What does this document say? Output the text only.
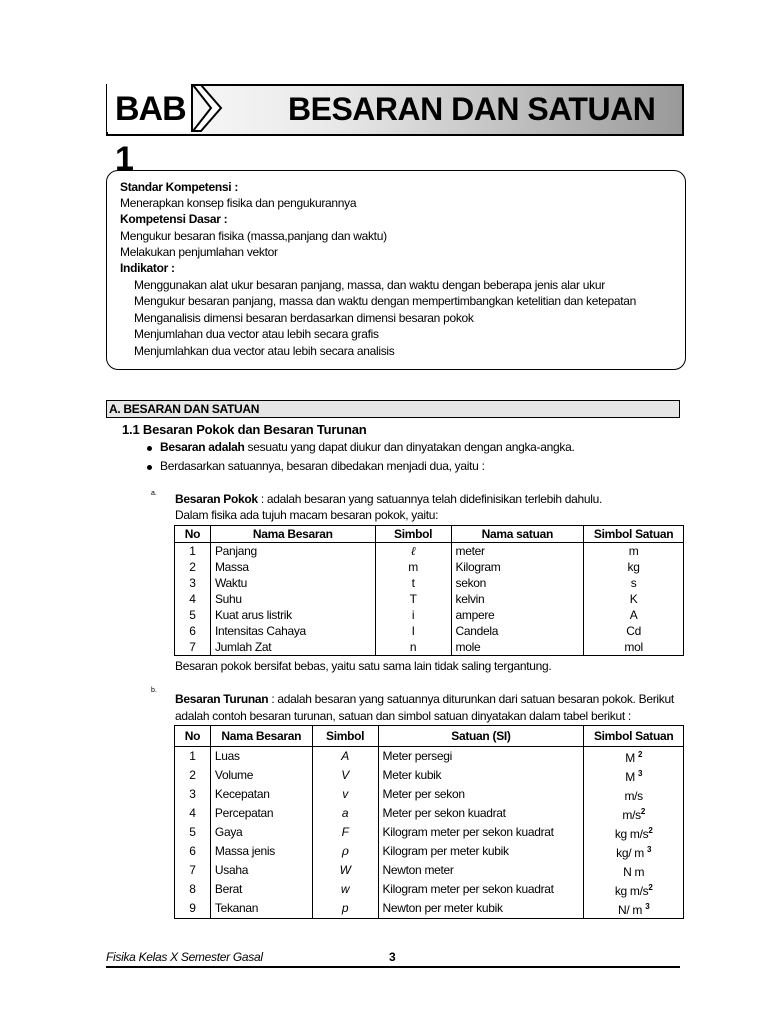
BAB 1
BESARAN DAN SATUAN
Standar Kompetensi :
Menerapkan konsep fisika dan pengukurannya
Kompetensi Dasar :
Mengukur besaran fisika (massa,panjang dan waktu)
Melakukan penjumlahan vektor
Indikator :
Menggunakan alat ukur besaran panjang, massa, dan waktu dengan beberapa jenis alar ukur
Mengukur besaran panjang, massa dan waktu dengan mempertimbangkan ketelitian dan ketepatan
Menganalisis dimensi besaran berdasarkan dimensi besaran pokok
Menjumlahan dua vector atau lebih secara grafis
Menjumlahkan dua vector atau lebih secara analisis
A. BESARAN DAN SATUAN
1.1 Besaran Pokok dan Besaran Turunan
Besaran adalah sesuatu yang dapat diukur dan dinyatakan dengan angka-angka.
Berdasarkan satuannya, besaran dibedakan menjadi dua, yaitu :
a. Besaran Pokok : adalah besaran yang satuannya telah didefinisikan terlebih dahulu.
Dalam fisika ada tujuh macam besaran pokok, yaitu:
No	Nama Besaran	Simbol	Nama satuan	Simbol Satuan
1	Panjang	ℓ	meter	m
2	Massa	m	Kilogram	kg
3	Waktu	t	sekon	s
4	Suhu	T	kelvin	K
5	Kuat arus listrik	i	ampere	A
6	Intensitas Cahaya	I	Candela	Cd
7	Jumlah Zat	n	mole	mol
Besaran pokok bersifat bebas, yaitu satu sama lain tidak saling tergantung.
b.
Besaran Turunan : adalah besaran yang satuannya diturunkan dari satuan besaran pokok. Berikut
adalah contoh besaran turunan, satuan dan simbol satuan dinyatakan dalam tabel berikut :
No	Nama Besaran	Simbol	Satuan (SI)	Simbol Satuan
1	Luas	A	Meter persegi	M $^2$
2	Volume	V	Meter kubik	M $^3$
3	Kecepatan	v	Meter per sekon	m/s
4	Percepatan	a	Meter per sekon kuadrat	$m/s^2$
5	Gaya	F	Kilogram meter per sekon kuadrat	kg $m/s^2$
6	Massa jenis	ρ	Kilogram per meter kubik	kg/ m $^3$
7	Usaha	W	Newton meter	N m
8	Berat	w	Kilogram meter per sekon kuadrat	kg $m/s^2$
9	Tekanan	p	Newton per meter kubik	N/ m $^3$
Fisika Kelas X Semester Gasal	3
